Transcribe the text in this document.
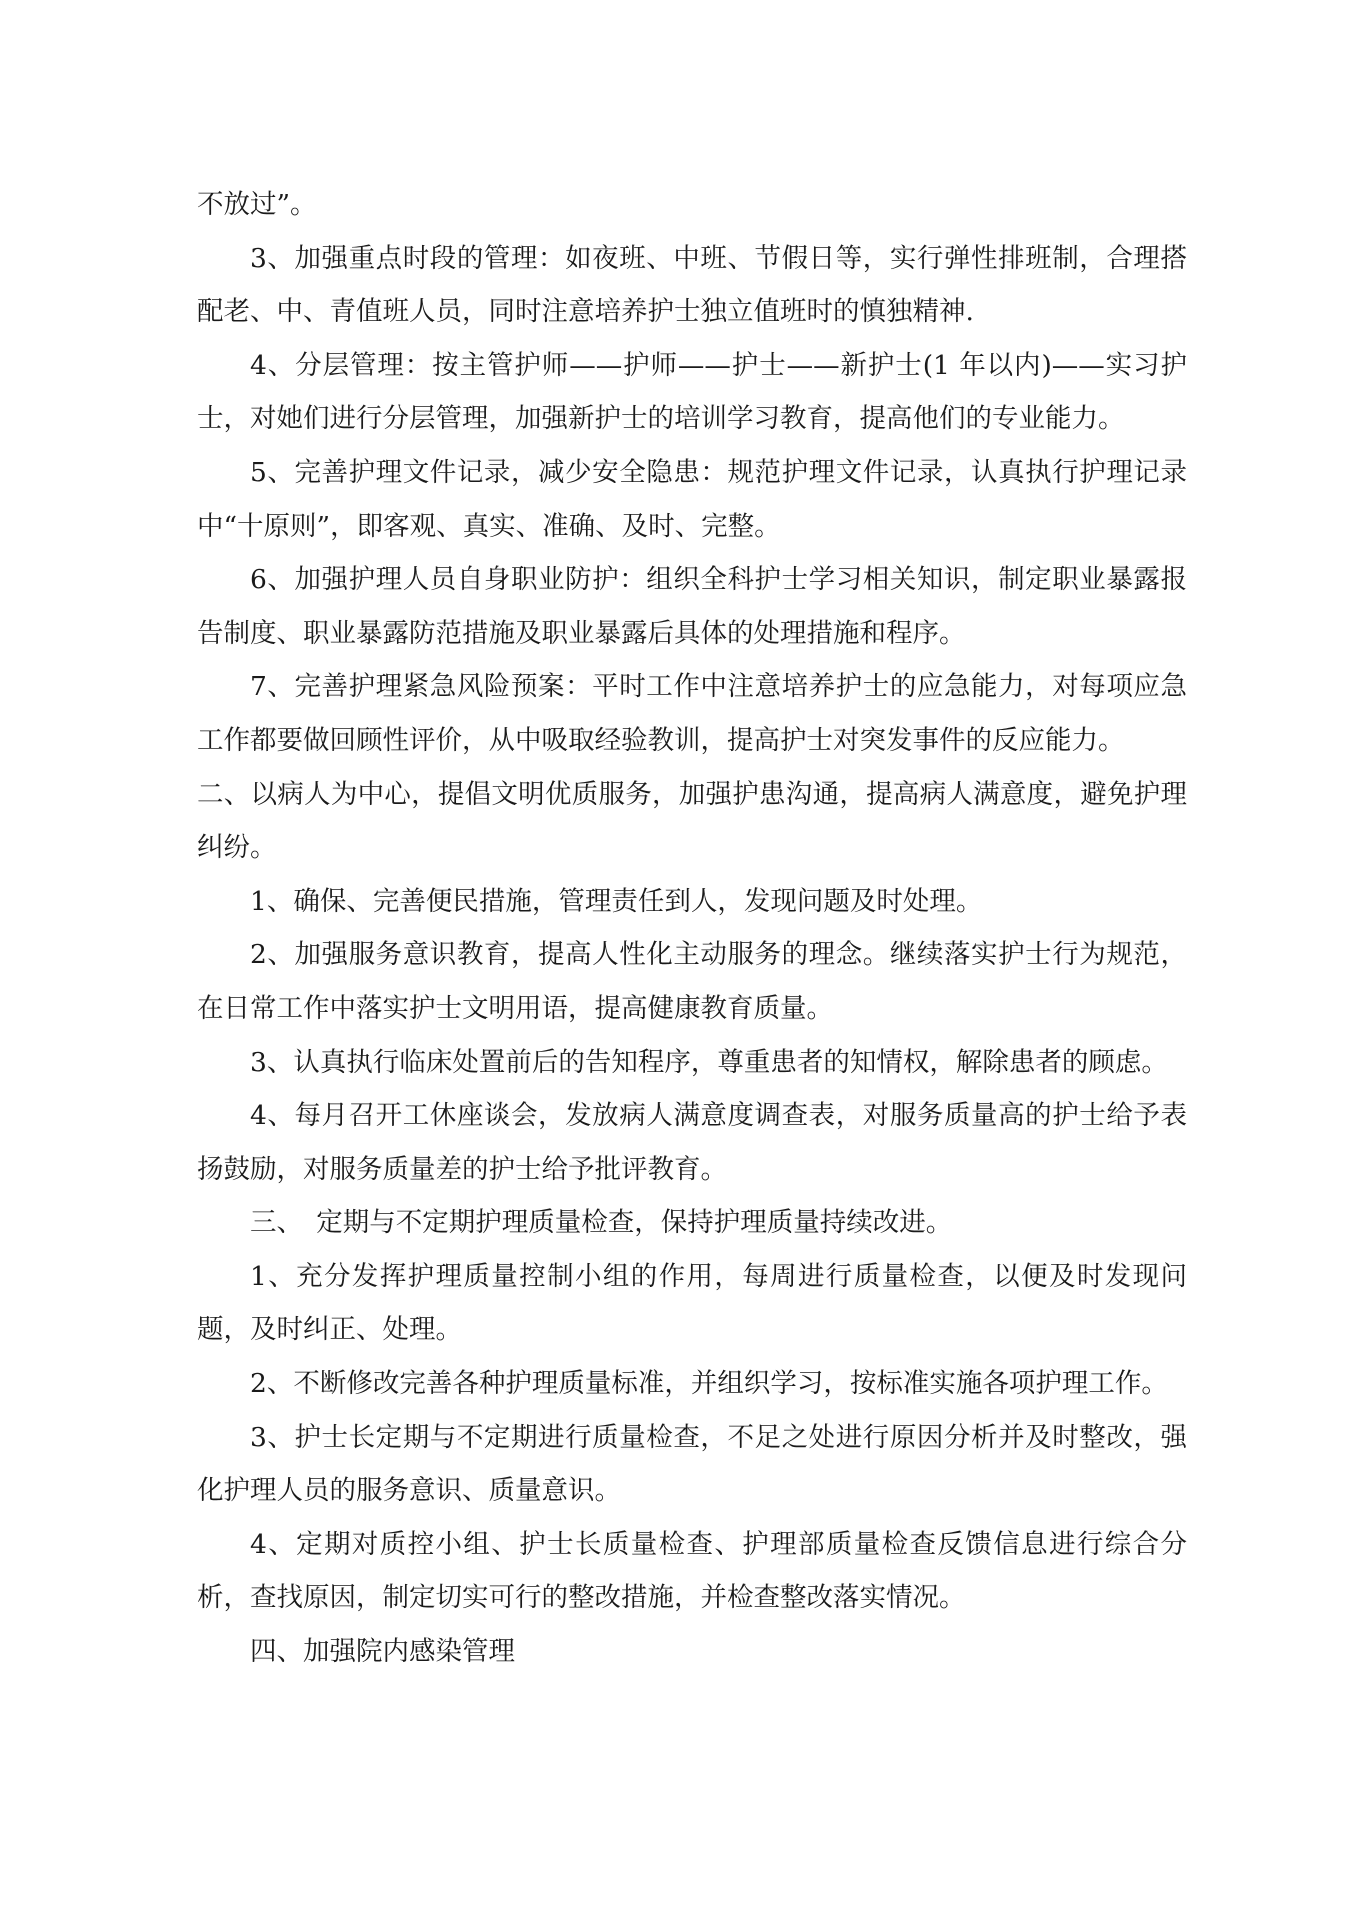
不放过”。

3、加强重点时段的管理：如夜班、中班、节假日等，实行弹性排班制，合理搭配老、中、青值班人员，同时注意培养护士独立值班时的慎独精神.

4、分层管理：按主管护师——护师——护士——新护士(1 年以内)——实习护士，对她们进行分层管理，加强新护士的培训学习教育，提高他们的专业能力。

5、完善护理文件记录，减少安全隐患：规范护理文件记录，认真执行护理记录中“十原则”，即客观、真实、准确、及时、完整。

6、加强护理人员自身职业防护：组织全科护士学习相关知识，制定职业暴露报告制度、职业暴露防范措施及职业暴露后具体的处理措施和程序。

7、完善护理紧急风险预案：平时工作中注意培养护士的应急能力，对每项应急工作都要做回顾性评价，从中吸取经验教训，提高护士对突发事件的反应能力。

二、以病人为中心，提倡文明优质服务，加强护患沟通，提高病人满意度，避免护理纠纷。

1、确保、完善便民措施，管理责任到人，发现问题及时处理。

2、加强服务意识教育，提高人性化主动服务的理念。继续落实护士行为规范，在日常工作中落实护士文明用语，提高健康教育质量。

3、认真执行临床处置前后的告知程序，尊重患者的知情权，解除患者的顾虑。

4、每月召开工休座谈会，发放病人满意度调查表，对服务质量高的护士给予表扬鼓励，对服务质量差的护士给予批评教育。

三、　定期与不定期护理质量检查，保持护理质量持续改进。

1、充分发挥护理质量控制小组的作用，每周进行质量检查，以便及时发现问题，及时纠正、处理。

2、不断修改完善各种护理质量标准，并组织学习，按标准实施各项护理工作。

3、护士长定期与不定期进行质量检查，不足之处进行原因分析并及时整改，强化护理人员的服务意识、质量意识。

4、定期对质控小组、护士长质量检查、护理部质量检查反馈信息进行综合分析，查找原因，制定切实可行的整改措施，并检查整改落实情况。

四、加强院内感染管理
